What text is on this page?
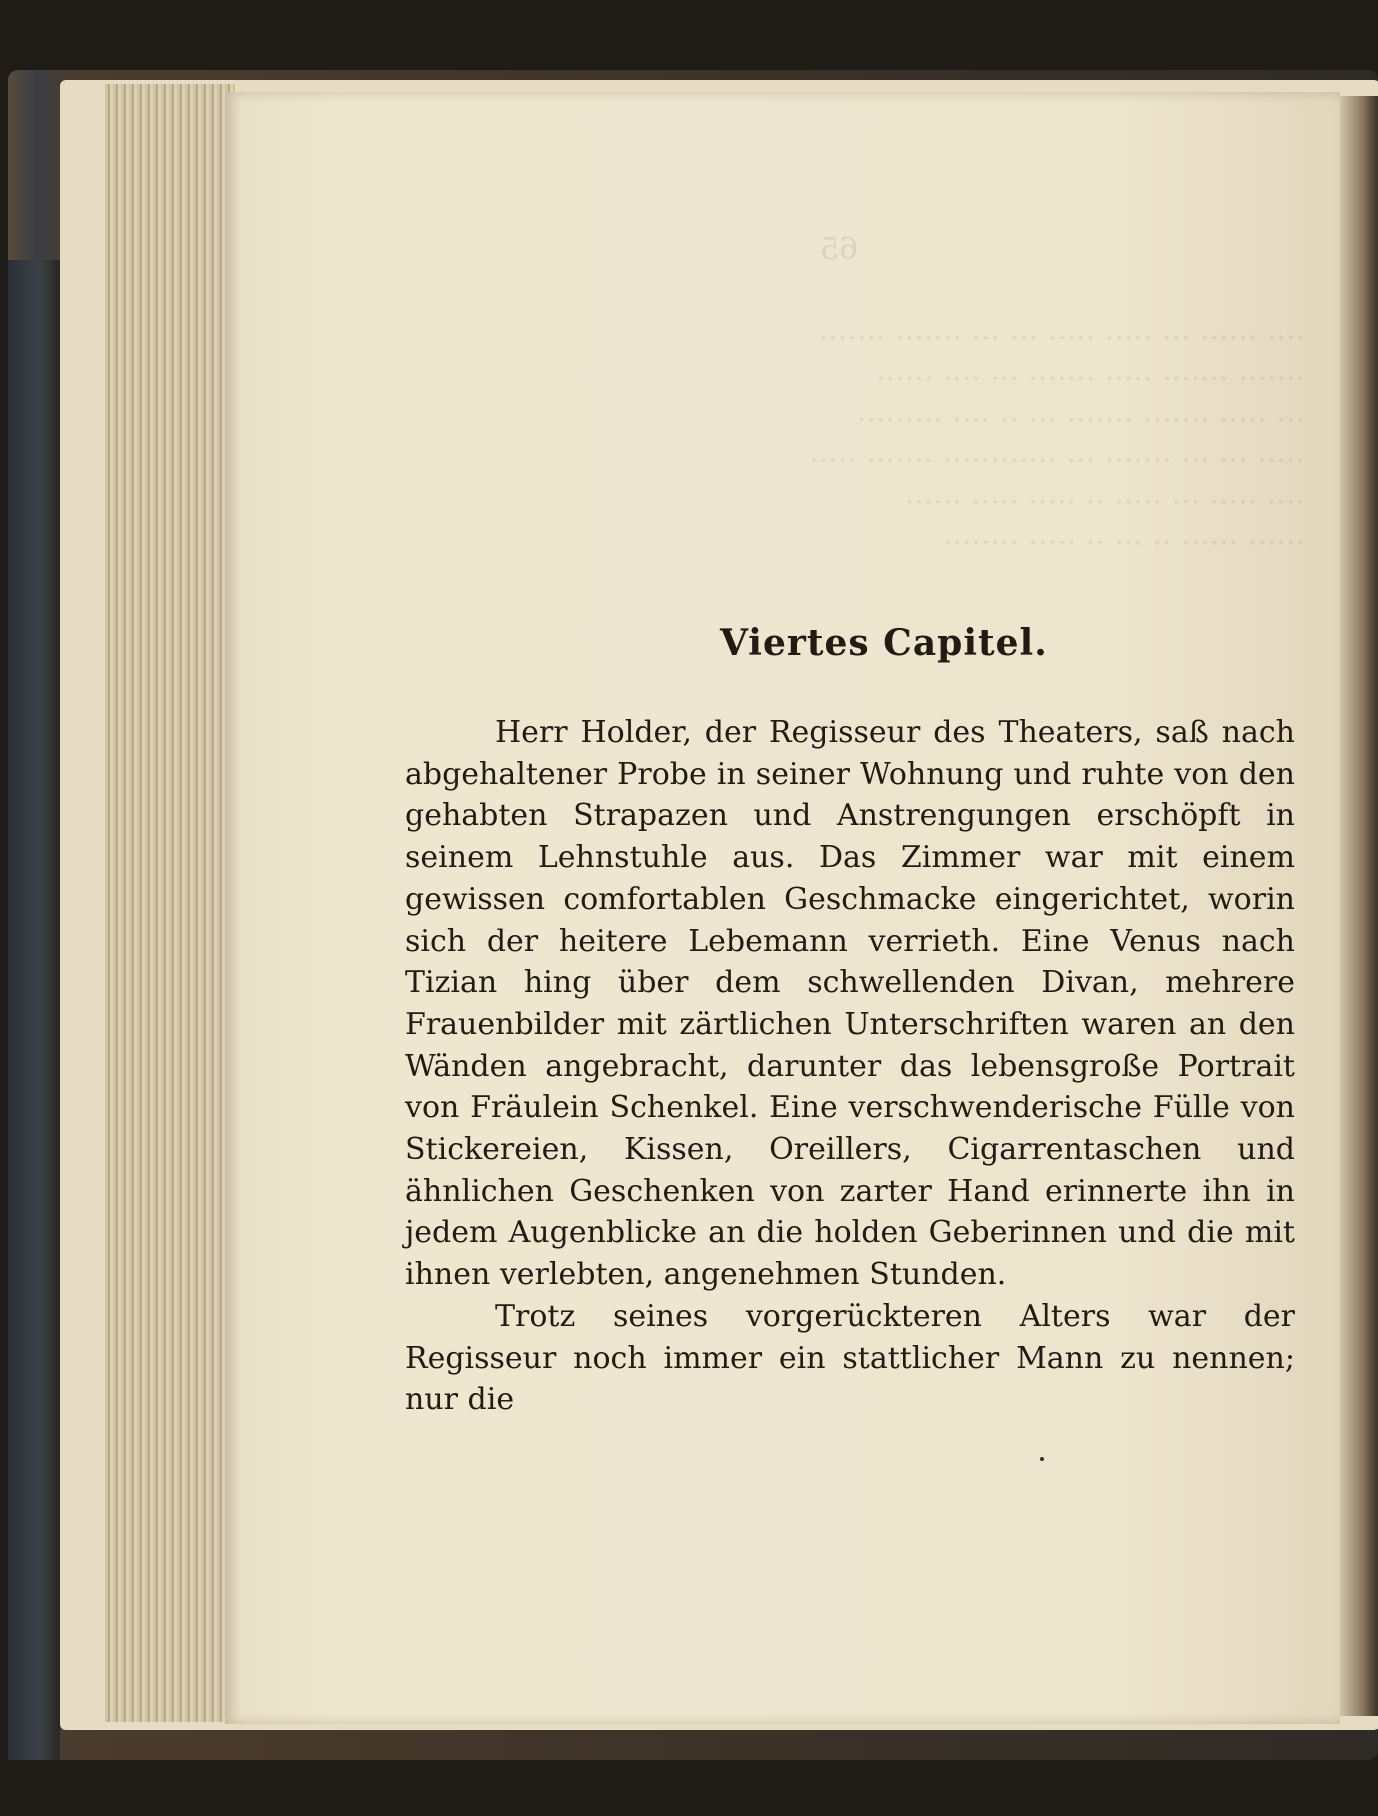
65
···· ······ ··· ····· ····· ··· ··· ······· ·······
······· ······· ····· ······· ··· ···· ······
··· ····· ······· ······· ··· ·· ···· ·········
····· ··· ··· ······· ··· ············ ······· ·····
···· ····· ··· ····· ·· ····· ····· ······
······ ······ ·· ··· ·· ····· ········
Viertes Capitel.

Herr Holder, der Regisseur des Theaters, saß nach abgehaltener Probe in seiner Wohnung und ruhte von den gehabten Strapazen und Anstrengungen erschöpft in seinem Lehnstuhle aus. Das Zimmer war mit einem gewissen comfortablen Geschmacke eingerichtet, worin sich der heitere Lebemann verrieth. Eine Venus nach Tizian hing über dem schwellenden Divan, mehrere Frauenbilder mit zärtlichen Unterschriften waren an den Wänden angebracht, darunter das lebensgroße Portrait von Fräulein Schenkel. Eine verschwenderische Fülle von Stickereien, Kissen, Oreillers, Cigarrentaschen und ähnlichen Geschenken von zarter Hand erinnerte ihn in jedem Augenblicke an die holden Geberinnen und die mit ihnen verlebten, angenehmen Stunden.

Trotz seines vorgerückteren Alters war der Regisseur noch immer ein stattlicher Mann zu nennen; nur die
